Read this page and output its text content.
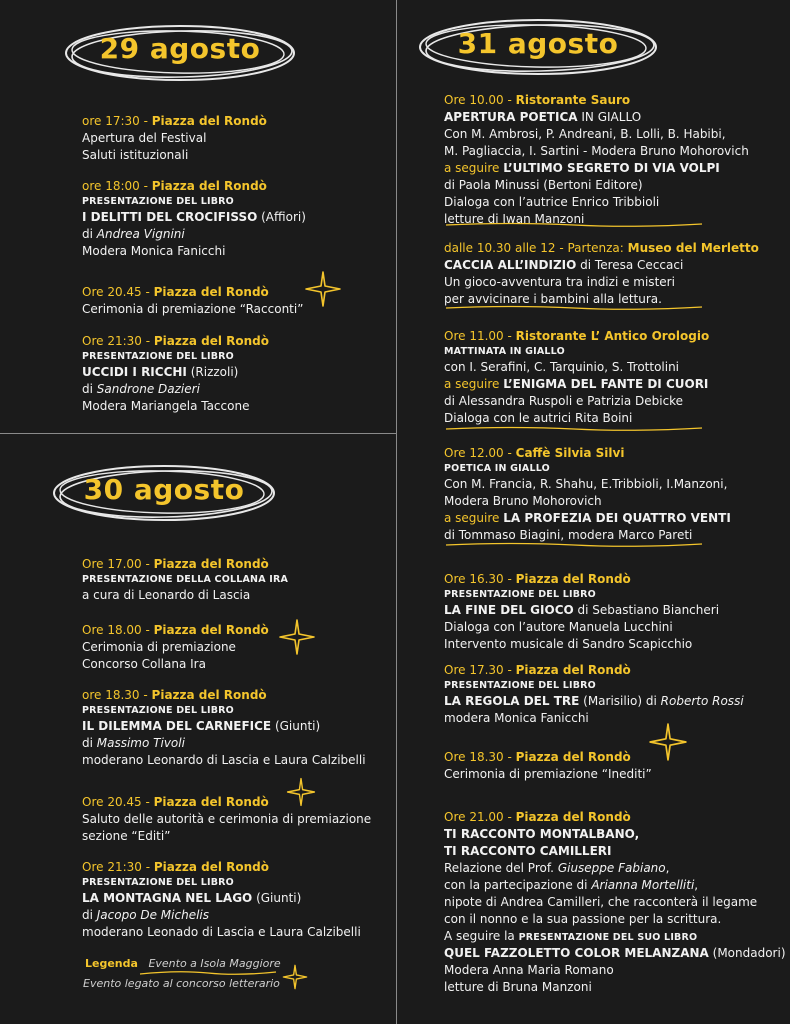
29 agosto
ore 17:30 - Piazza del Rondò
Apertura del Festival
Saluti istituzionali
ore 18:00 - Piazza del Rondò
PRESENTAZIONE DEL LIBRO
I DELITTI DEL CROCIFISSO (Affiori)
di Andrea Vignini
Modera Monica Fanicchi
Ore 20.45 - Piazza del Rondò
Cerimonia di premiazione “Racconti”
Ore 21:30 - Piazza del Rondò
PRESENTAZIONE DEL LIBRO
UCCIDI I RICCHI (Rizzoli)
di Sandrone Dazieri
Modera Mariangela Taccone
30 agosto
Ore 17.00 - Piazza del Rondò
PRESENTAZIONE DELLA COLLANA IRA
a cura di Leonardo di Lascia
Ore 18.00 - Piazza del Rondò
Cerimonia di premiazione
Concorso Collana Ira
ore 18.30 - Piazza del Rondò
PRESENTAZIONE DEL LIBRO
IL DILEMMA DEL CARNEFICE (Giunti)
di Massimo Tivoli
moderano Leonardo di Lascia e Laura Calzibelli
Ore 20.45 - Piazza del Rondò
Saluto delle autorità e cerimonia di premiazione
sezione “Editi”
Ore 21:30 - Piazza del Rondò
PRESENTAZIONE DEL LIBRO
LA MONTAGNA NEL LAGO (Giunti)
di Jacopo De Michelis
moderano Leonado di Lascia e Laura Calzibelli
Legenda Evento a Isola Maggiore
Evento legato al concorso letterario
31 agosto
Ore 10.00 - Ristorante Sauro
APERTURA POETICA IN GIALLO
Con M. Ambrosi, P. Andreani, B. Lolli, B. Habibi,
M. Pagliaccia, I. Sartini - Modera Bruno Mohorovich
a seguire L’ULTIMO SEGRETO DI VIA VOLPI
di Paola Minussi (Bertoni Editore)
Dialoga con l’autrice Enrico Tribbioli
letture di Iwan Manzoni
dalle 10.30 alle 12 - Partenza: Museo del Merletto
CACCIA ALL’INDIZIO di Teresa Ceccaci
Un gioco-avventura tra indizi e misteri
per avvicinare i bambini alla lettura.
Ore 11.00 - Ristorante L’ Antico Orologio
MATTINATA IN GIALLO
con I. Serafini, C. Tarquinio, S. Trottolini
a seguire L’ENIGMA DEL FANTE DI CUORI
di Alessandra Ruspoli e Patrizia Debicke
Dialoga con le autrici Rita Boini
Ore 12.00 - Caffè Silvia Silvi
POETICA IN GIALLO
Con M. Francia, R. Shahu, E.Tribbioli, I.Manzoni,
Modera Bruno Mohorovich
a seguire LA PROFEZIA DEI QUATTRO VENTI
di Tommaso Biagini, modera Marco Pareti
Ore 16.30 - Piazza del Rondò
PRESENTAZIONE DEL LIBRO
LA FINE DEL GIOCO di Sebastiano Biancheri
Dialoga con l’autore Manuela Lucchini
Intervento musicale di Sandro Scapicchio
Ore 17.30 - Piazza del Rondò
PRESENTAZIONE DEL LIBRO
LA REGOLA DEL TRE (Marisilio) di Roberto Rossi
modera Monica Fanicchi
Ore 18.30 - Piazza del Rondò
Cerimonia di premiazione “Inediti”
Ore 21.00 - Piazza del Rondò
TI RACCONTO MONTALBANO,
TI RACCONTO CAMILLERI
Relazione del Prof. Giuseppe Fabiano,
con la partecipazione di Arianna Mortelliti,
nipote di Andrea Camilleri, che racconterà il legame
con il nonno e la sua passione per la scrittura.
A seguire la PRESENTAZIONE DEL SUO LIBRO
QUEL FAZZOLETTO COLOR MELANZANA (Mondadori)
Modera Anna Maria Romano
letture di Bruna Manzoni
